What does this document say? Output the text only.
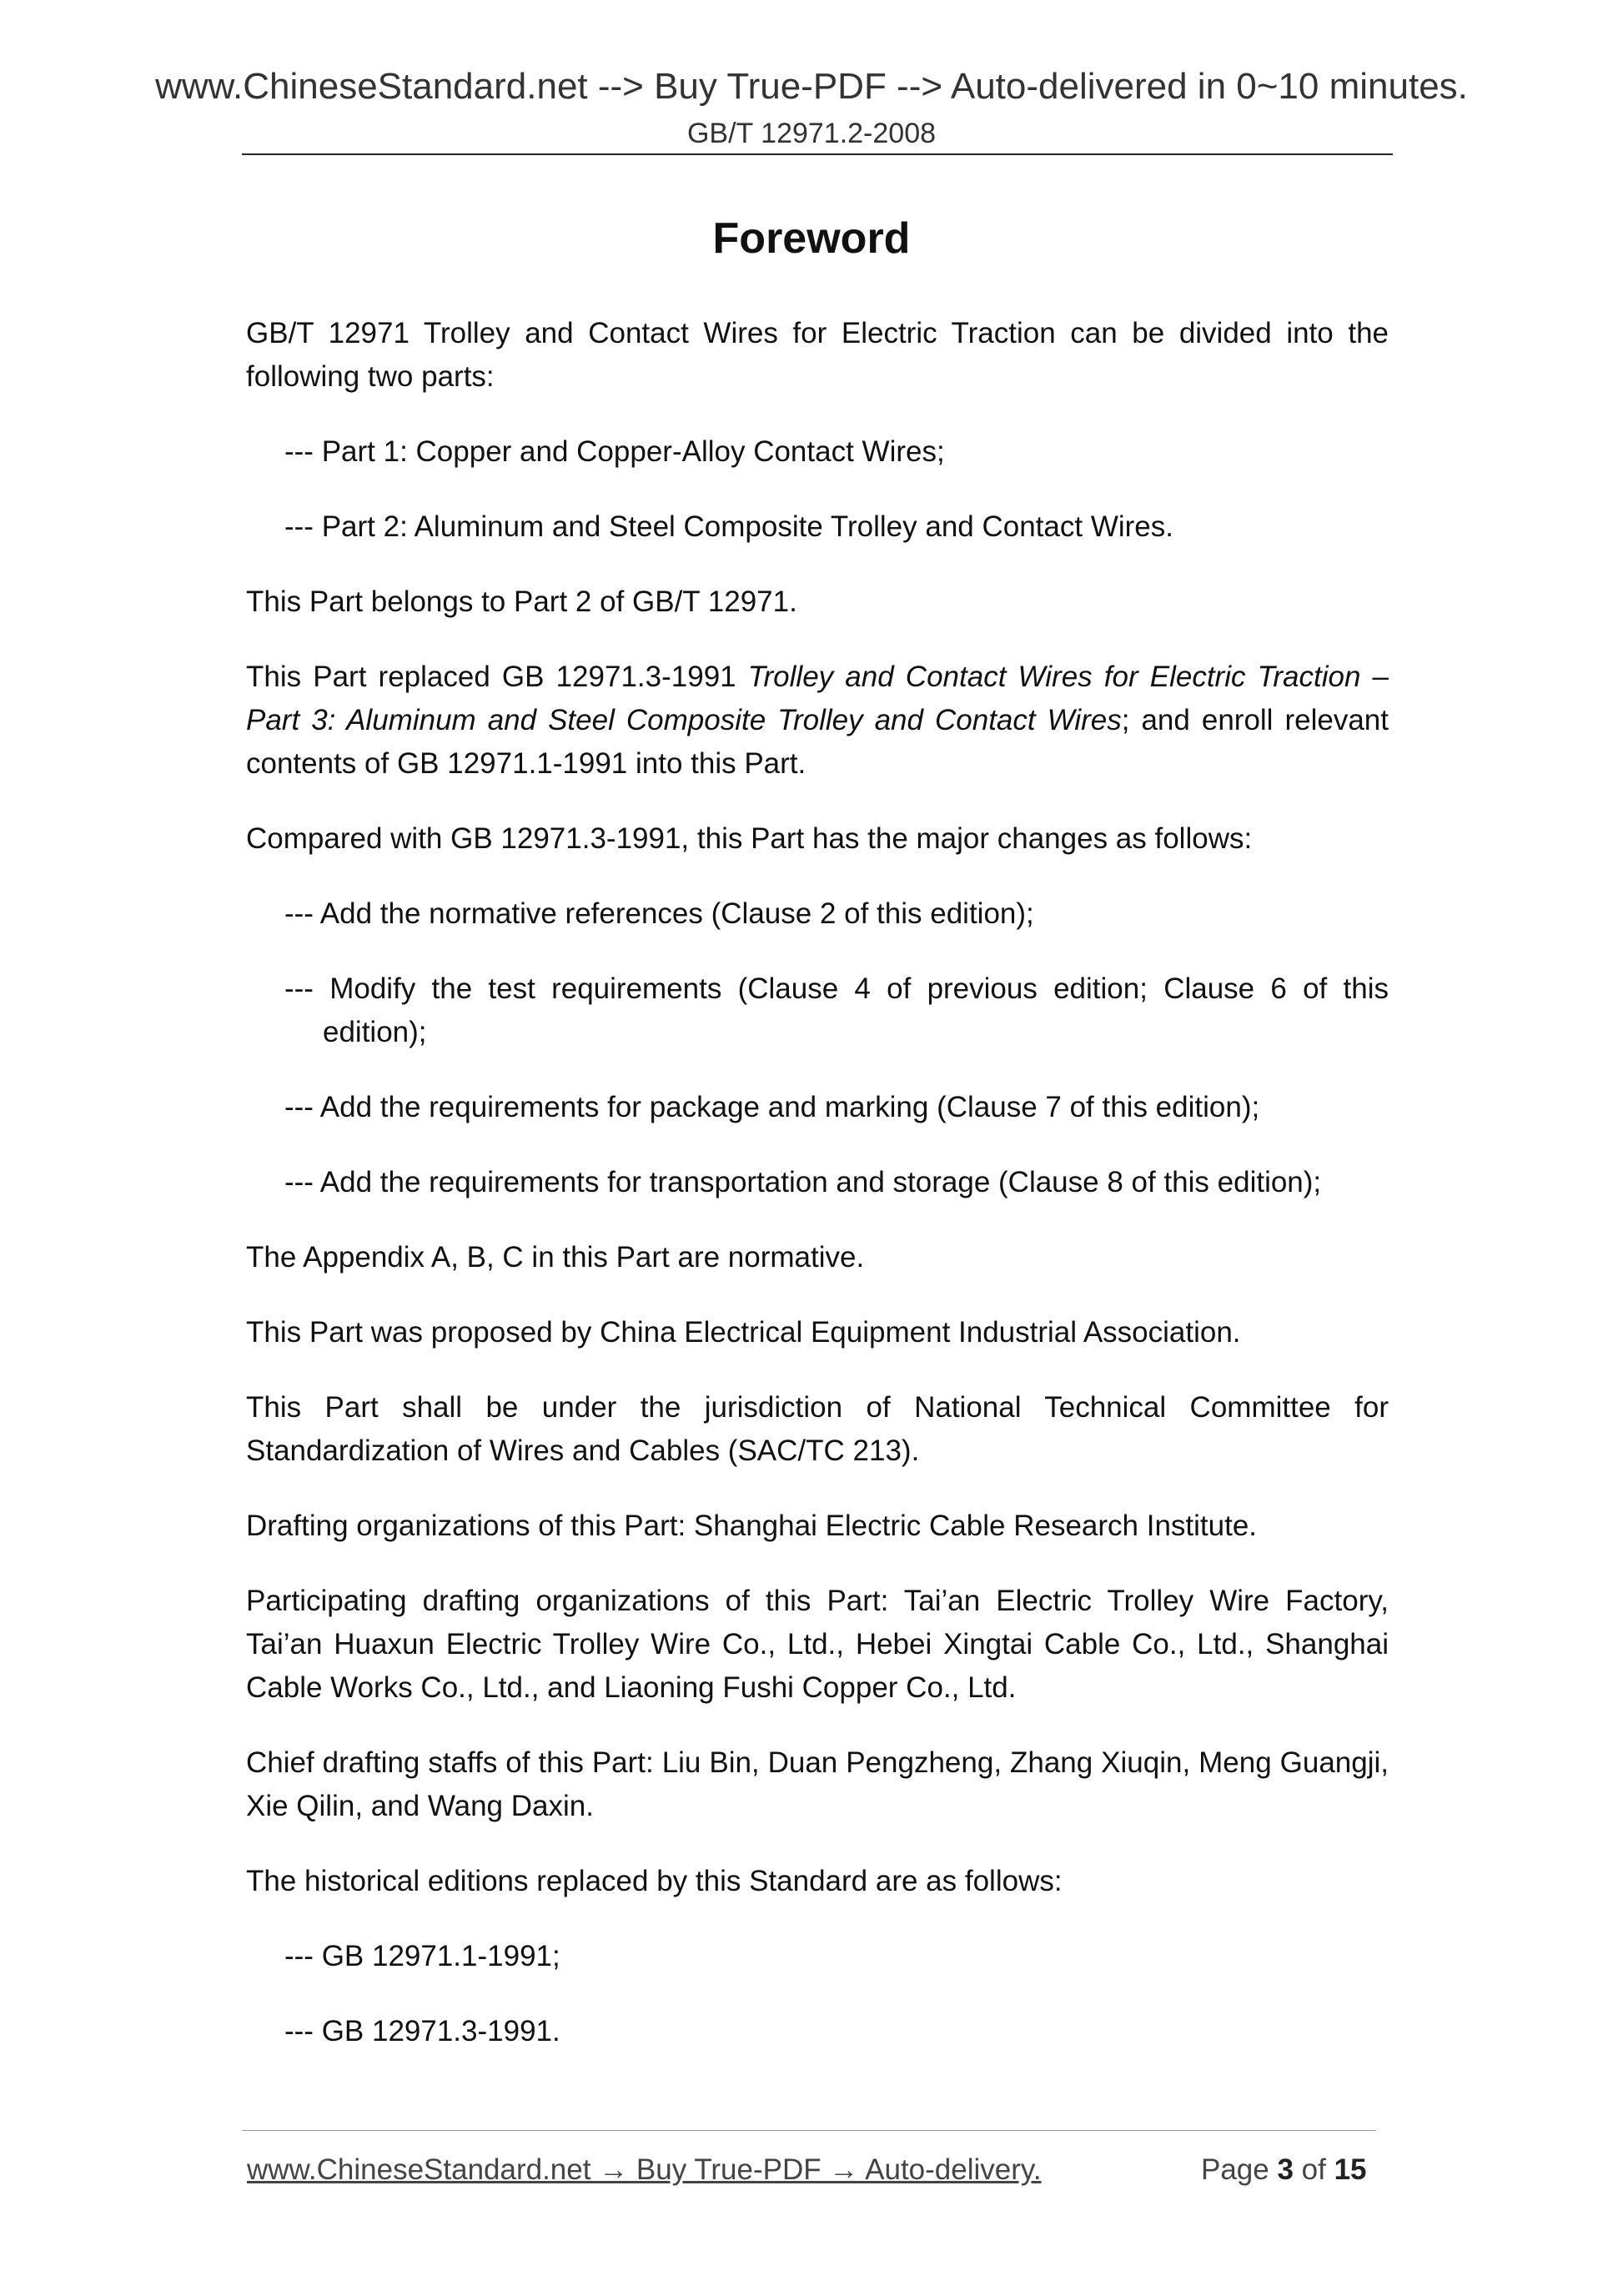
www.ChineseStandard.net --> Buy True-PDF --> Auto-delivered in 0~10 minutes.
GB/T 12971.2-2008
Foreword

GB/T 12971 Trolley and Contact Wires for Electric Traction can be divided into the following two parts:

--- Part 1: Copper and Copper-Alloy Contact Wires;

--- Part 2: Aluminum and Steel Composite Trolley and Contact Wires.

This Part belongs to Part 2 of GB/T 12971.

This Part replaced GB 12971.3-1991 Trolley and Contact Wires for Electric Traction – Part 3: Aluminum and Steel Composite Trolley and Contact Wires; and enroll relevant contents of GB 12971.1-1991 into this Part.

Compared with GB 12971.3-1991, this Part has the major changes as follows:

--- Add the normative references (Clause 2 of this edition);

--- Modify the test requirements (Clause 4 of previous edition; Clause 6 of this edition);

--- Add the requirements for package and marking (Clause 7 of this edition);

--- Add the requirements for transportation and storage (Clause 8 of this edition);

The Appendix A, B, C in this Part are normative.

This Part was proposed by China Electrical Equipment Industrial Association.

This Part shall be under the jurisdiction of National Technical Committee for Standardization of Wires and Cables (SAC/TC 213).

Drafting organizations of this Part: Shanghai Electric Cable Research Institute.

Participating drafting organizations of this Part: Tai’an Electric Trolley Wire Factory, Tai’an Huaxun Electric Trolley Wire Co., Ltd., Hebei Xingtai Cable Co., Ltd., Shanghai Cable Works Co., Ltd., and Liaoning Fushi Copper Co., Ltd.

Chief drafting staffs of this Part: Liu Bin, Duan Pengzheng, Zhang Xiuqin, Meng Guangji, Xie Qilin, and Wang Daxin.

The historical editions replaced by this Standard are as follows:

--- GB 12971.1-1991;

--- GB 12971.3-1991.

www.ChineseStandard.net → Buy True-PDF → Auto-delivery.	Page 3 of 15
